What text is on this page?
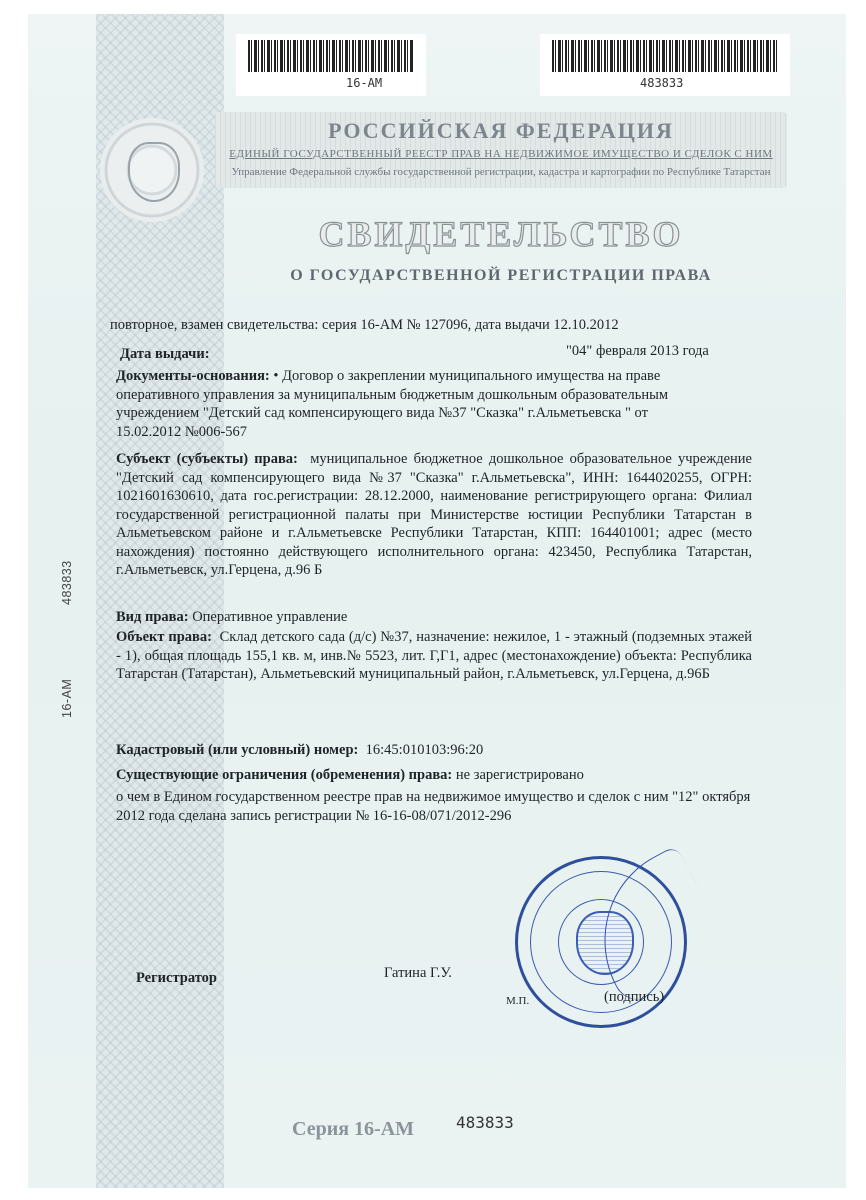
16-АМ	483833
РОССИЙСКАЯ ФЕДЕРАЦИЯ
ЕДИНЫЙ ГОСУДАРСТВЕННЫЙ РЕЕСТР ПРАВ НА НЕДВИЖИМОЕ ИМУЩЕСТВО И СДЕЛОК С НИМ
Управление Федеральной службы государственной регистрации, кадастра и картографии по Республике Татарстан
СВИДЕТЕЛЬСТВО
О ГОСУДАРСТВЕННОЙ РЕГИСТРАЦИИ ПРАВА
16-АМ
483833
повторное, взамен свидетельства: серия 16-АМ № 127096, дата выдачи 12.10.2012
Дата выдачи:	"04" февраля 2013 года
Документы-основания: • Договор о закреплении муниципального имущества на праве оперативного управления за муниципальным бюджетным дошкольным образовательным учреждением "Детский сад компенсирующего вида №37 "Сказка" г.Альметьевска " от 15.02.2012 №006-567
Субъект (субъекты) права: муниципальное бюджетное дошкольное образовательное учреждение "Детский сад компенсирующего вида №37 "Сказка" г.Альметьевска", ИНН: 1644020255, ОГРН: 1021601630610, дата гос.регистрации: 28.12.2000, наименование регистрирующего органа: Филиал государственной регистрационной палаты при Министерстве юстиции Республики Татарстан в Альметьевском районе и г.Альметьевске Республики Татарстан, КПП: 164401001; адрес (место нахождения) постоянно действующего исполнительного органа: 423450, Республика Татарстан, г.Альметьевск, ул.Герцена, д.96 Б
Вид права: Оперативное управление
Объект права: Склад детского сада (д/с) №37, назначение: нежилое, 1 - этажный (подземных этажей - 1), общая площадь 155,1 кв. м, инв.№ 5523, лит. Г,Г1, адрес (местонахождение) объекта: Республика Татарстан (Татарстан), Альметьевский муниципальный район, г.Альметьевск, ул.Герцена, д.96Б
Кадастровый (или условный) номер: 16:45:010103:96:20
Существующие ограничения (обременения) права: не зарегистрировано
о чем в Едином государственном реестре прав на недвижимое имущество и сделок с ним "12" октября 2012 года сделана запись регистрации № 16-16-08/071/2012-296
Регистратор	Гатина Г.У.
М.П.	(подпись)
Серия 16-АМ	483833
